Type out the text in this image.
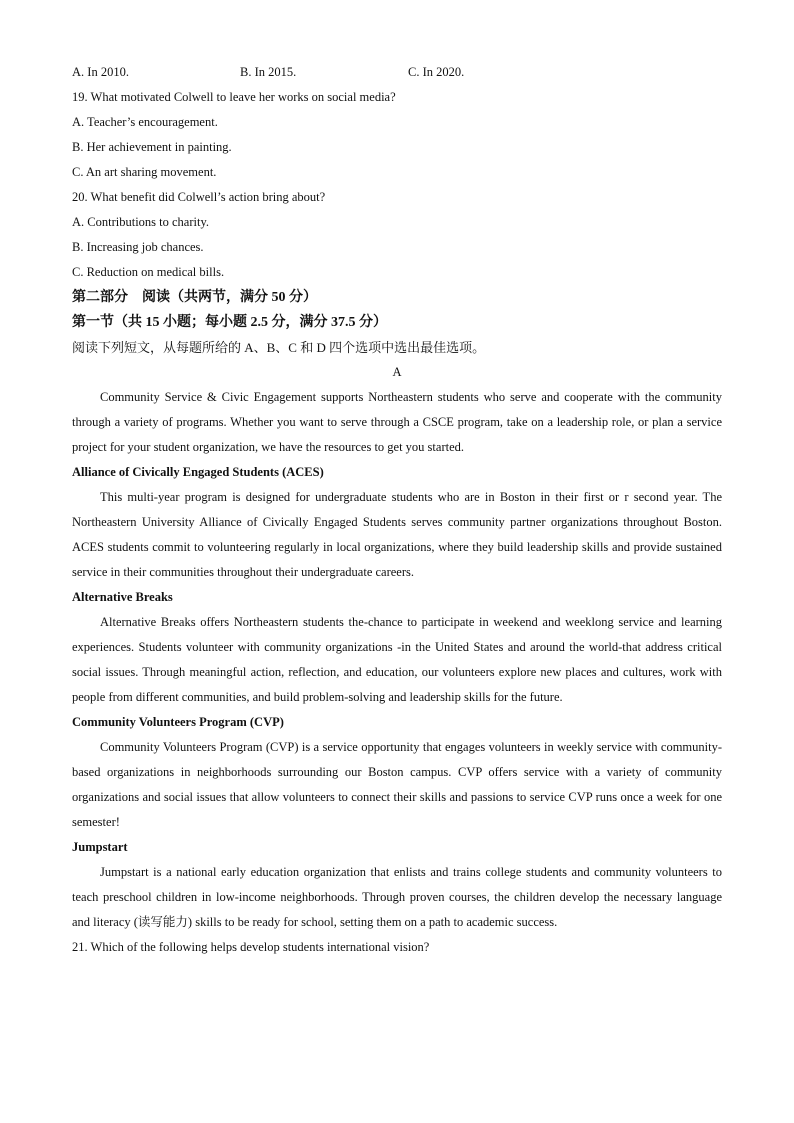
A. In 2010.	B. In 2015.	C. In 2020.
19. What motivated Colwell to leave her works on social media?
A. Teacher’s encouragement.
B. Her achievement in painting.
C. An art sharing movement.
20. What benefit did Colwell’s action bring about?
A. Contributions to charity.
B. Increasing job chances.
C. Reduction on medical bills.
第二部分　阅读（共两节，满分 50 分）
第一节（共 15 小题；每小题 2.5 分，满分 37.5 分）
阅读下列短文，从每题所给的 A、B、C 和 D 四个选项中选出最佳选项。
A

Community Service & Civic Engagement supports Northeastern students who serve and cooperate with the community through a variety of programs. Whether you want to serve through a CSCE program, take on a leadership role, or plan a service project for your student organization, we have the resources to get you started.

Alliance of Civically Engaged Students (ACES)

This multi-year program is designed for undergraduate students who are in Boston in their first or r second year. The Northeastern University Alliance of Civically Engaged Students serves community partner organizations throughout Boston. ACES students commit to volunteering regularly in local organizations, where they build leadership skills and provide sustained service in their communities throughout their undergraduate careers.

Alternative Breaks

Alternative Breaks offers Northeastern students the-chance to participate in weekend and weeklong service and learning experiences. Students volunteer with community organizations -in the United States and around the world-that address critical social issues. Through meaningful action, reflection, and education, our volunteers explore new places and cultures, work with people from different communities, and build problem-solving and leadership skills for the future.

Community Volunteers Program (CVP)

Community Volunteers Program (CVP) is a service opportunity that engages volunteers in weekly service with community-based organizations in neighborhoods surrounding our Boston campus. CVP offers service with a variety of community organizations and social issues that allow volunteers to connect their skills and passions to service CVP runs once a week for one semester!

Jumpstart

Jumpstart is a national early education organization that enlists and trains college students and community volunteers to teach preschool children in low-income neighborhoods. Through proven courses, the children develop the necessary language and literacy (读写能力) skills to be ready for school, setting them on a path to academic success.

21. Which of the following helps develop students international vision?
